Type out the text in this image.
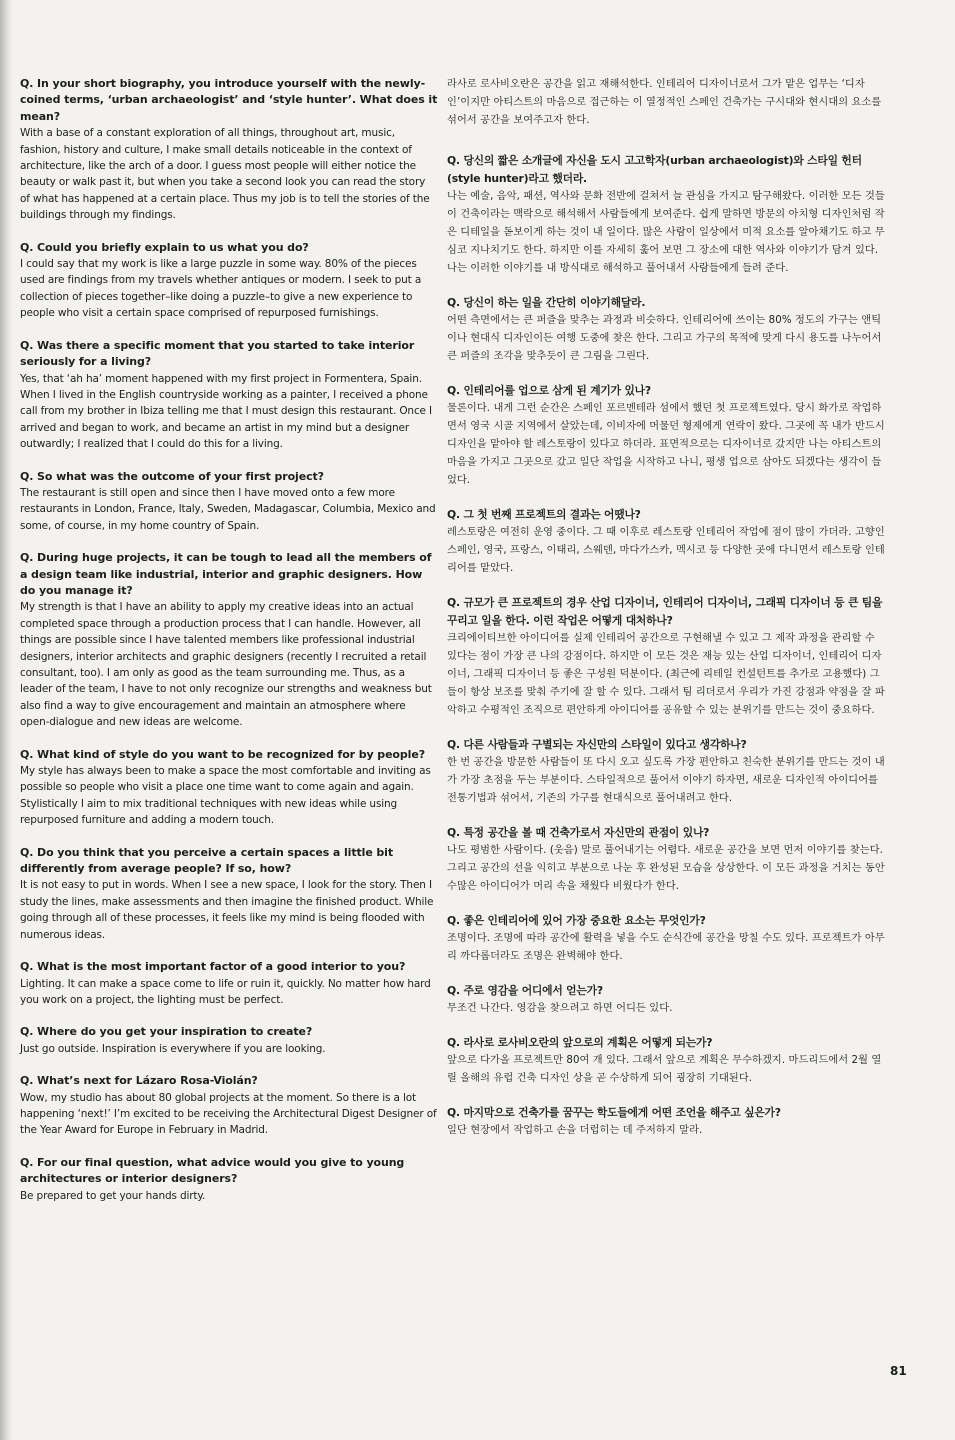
Q. In your short biography, you introduce yourself with the newly-coined terms, ‘urban archaeologist’ and ‘style hunter’. What does it mean?
With a base of a constant exploration of all things, throughout art, music, fashion, history and culture, I make small details noticeable in the context of architecture, like the arch of a door. I guess most people will either notice the beauty or walk past it, but when you take a second look you can read the story of what has happened at a certain place. Thus my job is to tell the stories of the buildings through my findings.
Q. Could you briefly explain to us what you do?
I could say that my work is like a large puzzle in some way. 80% of the pieces used are findings from my travels whether antiques or modern. I seek to put a collection of pieces together–like doing a puzzle–to give a new experience to people who visit a certain space comprised of repurposed furnishings.
Q. Was there a specific moment that you started to take interior seriously for a living?
Yes, that ‘ah ha’ moment happened with my first project in Formentera, Spain. When I lived in the English countryside working as a painter, I received a phone call from my brother in Ibiza telling me that I must design this restaurant. Once I arrived and began to work, and became an artist in my mind but a designer outwardly; I realized that I could do this for a living.
Q. So what was the outcome of your first project?
The restaurant is still open and since then I have moved onto a few more restaurants in London, France, Italy, Sweden, Madagascar, Columbia, Mexico and some, of course, in my home country of Spain.
Q. During huge projects, it can be tough to lead all the members of a design team like industrial, interior and graphic designers. How do you manage it?
My strength is that I have an ability to apply my creative ideas into an actual completed space through a production process that I can handle. However, all things are possible since I have talented members like professional industrial designers, interior architects and graphic designers (recently I recruited a retail consultant, too). I am only as good as the team surrounding me. Thus, as a leader of the team, I have to not only recognize our strengths and weakness but also find a way to give encouragement and maintain an atmosphere where open-dialogue and new ideas are welcome.
Q. What kind of style do you want to be recognized for by people?
My style has always been to make a space the most comfortable and inviting as possible so people who visit a place one time want to come again and again. Stylistically I aim to mix traditional techniques with new ideas while using repurposed furniture and adding a modern touch.
Q. Do you think that you perceive a certain spaces a little bit differently from average people? If so, how?
It is not easy to put in words. When I see a new space, I look for the story. Then I study the lines, make assessments and then imagine the finished product. While going through all of these processes, it feels like my mind is being flooded with numerous ideas.
Q. What is the most important factor of a good interior to you?
Lighting. It can make a space come to life or ruin it, quickly. No matter how hard you work on a project, the lighting must be perfect.
Q. Where do you get your inspiration to create?
Just go outside. Inspiration is everywhere if you are looking.
Q. What’s next for Lázaro Rosa-Violán?
Wow, my studio has about 80 global projects at the moment. So there is a lot happening ‘next!’ I’m excited to be receiving the Architectural Digest Designer of the Year Award for Europe in February in Madrid.
Q. For our final question, what advice would you give to young architectures or interior designers?
Be prepared to get your hands dirty.
라사로 로사비오란은 공간을 읽고 재해석한다. 인테리어 디자이너로서 그가 맡은 업무는 ‘디자인’이지만 아티스트의 마음으로 접근하는 이 열정적인 스페인 건축가는 구시대와 현시대의 요소를 섞어서 공간을 보여주고자 한다.
Q. 당신의 짧은 소개글에 자신을 도시 고고학자(urban archaeologist)와 스타일 헌터(style hunter)라고 했더라.
나는 예술, 음악, 패션, 역사와 문화 전반에 걸쳐서 늘 관심을 가지고 탐구해왔다. 이러한 모든 것들이 건축이라는 맥락으로 해석해서 사람들에게 보여준다. 쉽게 말하면 방문의 아치형 디자인처럼 작은 디테일을 돋보이게 하는 것이 내 일이다. 많은 사람이 일상에서 미적 요소를 알아채기도 하고 무심코 지나치기도 한다. 하지만 이를 자세히 훑어 보면 그 장소에 대한 역사와 이야기가 담겨 있다. 나는 이러한 이야기를 내 방식대로 해석하고 풀어내서 사람들에게 들려 준다.
Q. 당신이 하는 일을 간단히 이야기해달라.
어떤 측면에서는 큰 퍼즐을 맞추는 과정과 비슷하다. 인테리어에 쓰이는 80% 정도의 가구는 앤틱이나 현대식 디자인이든 여행 도중에 찾은 한다. 그리고 가구의 목적에 맞게 다시 용도를 나누어서 큰 퍼즐의 조각을 맞추듯이 큰 그림을 그린다.
Q. 인테리어를 업으로 삼게 된 계기가 있나?
물론이다. 내게 그런 순간은 스페인 포르멘테라 섬에서 했던 첫 프로젝트였다. 당시 화가로 작업하면서 영국 시골 지역에서 살았는데, 이비자에 머물던 형제에게 연락이 왔다. 그곳에 꼭 내가 반드시 디자인을 맡아야 할 레스토랑이 있다고 하더라. 표면적으로는 디자이너로 갔지만 나는 아티스트의 마음을 가지고 그곳으로 갔고 일단 작업을 시작하고 나니, 평생 업으로 삼아도 되겠다는 생각이 들었다.
Q. 그 첫 번째 프로젝트의 결과는 어땠나?
레스토랑은 여전히 운영 중이다. 그 때 이후로 레스토랑 인테리어 작업에 점이 많이 가더라. 고향인 스페인, 영국, 프랑스, 이태리, 스웨덴, 마다가스카, 멕시코 등 다양한 곳에 다니면서 레스토랑 인테리어를 맡았다.
Q. 규모가 큰 프로젝트의 경우 산업 디자이너, 인테리어 디자이너, 그래픽 디자이너 등 큰 팀을 꾸리고 일을 한다. 이런 작업은 어떻게 대처하나?
크리에이티브한 아이디어를 실제 인테리어 공간으로 구현해낼 수 있고 그 제작 과정을 관리할 수 있다는 점이 가장 큰 나의 강점이다. 하지만 이 모든 것은 재능 있는 산업 디자이너, 인테리어 디자이너, 그래픽 디자이너 등 좋은 구성원 덕분이다. (최근에 리테일 컨설턴트를 추가로 고용했다) 그들이 항상 보조를 맞춰 주기에 잘 할 수 있다. 그래서 팀 리더로서 우리가 가진 강점과 약점을 잘 파악하고 수평적인 조직으로 편안하게 아이디어를 공유할 수 있는 분위기를 만드는 것이 중요하다.
Q. 다른 사람들과 구별되는 자신만의 스타일이 있다고 생각하나?
한 번 공간을 방문한 사람들이 또 다시 오고 싶도록 가장 편안하고 친숙한 분위기를 만드는 것이 내가 가장 초점을 두는 부분이다. 스타일적으로 풀어서 이야기 하자면, 새로운 디자인적 아이디어를 전통기법과 섞어서, 기존의 가구를 현대식으로 풀어내려고 한다.
Q. 특정 공간을 볼 때 건축가로서 자신만의 관점이 있나?
나도 평범한 사람이다. (웃음) 말로 풀어내기는 어렵다. 새로운 공간을 보면 먼저 이야기를 찾는다. 그리고 공간의 선을 익히고 부분으로 나눈 후 완성된 모습을 상상한다. 이 모든 과정을 거치는 동안 수많은 아이디어가 머리 속을 채웠다 비웠다가 한다.
Q. 좋은 인테리어에 있어 가장 중요한 요소는 무엇인가?
조명이다. 조명에 따라 공간에 활력을 넣을 수도 순식간에 공간을 망칠 수도 있다. 프로젝트가 아무리 까다롭더라도 조명은 완벽해야 한다.
Q. 주로 영감을 어디에서 얻는가?
무조건 나간다. 영감을 찾으려고 하면 어디든 있다.
Q. 라사로 로사비오란의 앞으로의 계획은 어떻게 되는가?
앞으로 다가올 프로젝트만 80여 개 있다. 그래서 앞으로 계획은 무수하겠지. 마드리드에서 2월 열릴 올해의 유럽 건축 디자인 상을 곧 수상하게 되어 굉장히 기대된다.
Q. 마지막으로 건축가를 꿈꾸는 학도들에게 어떤 조언을 해주고 싶은가?
일단 현장에서 작업하고 손을 더럽히는 데 주저하지 말라.
81
